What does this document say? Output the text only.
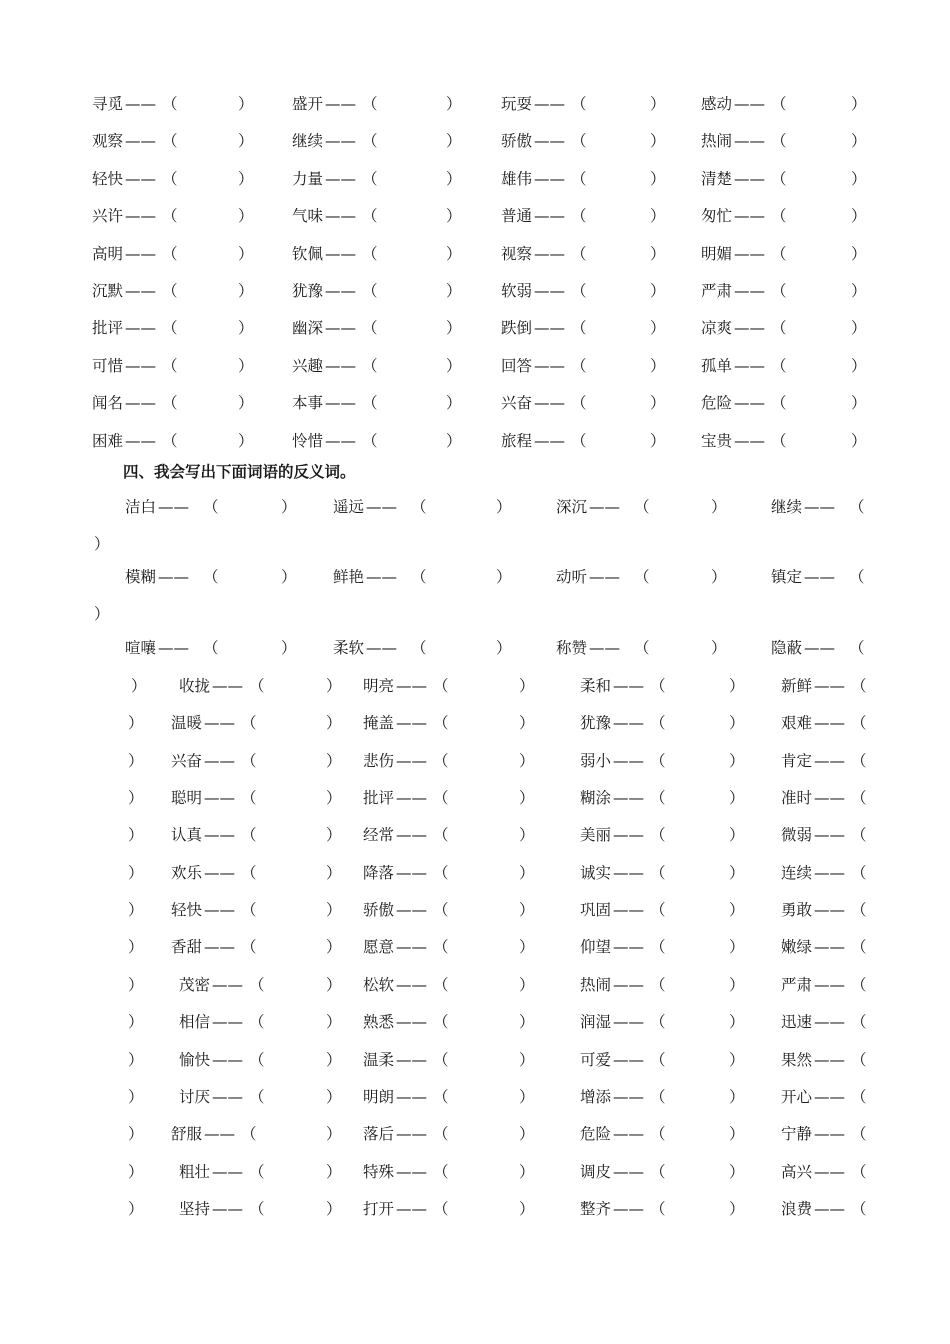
寻觅 —— （	） 盛开 —— （	）	玩耍 —— （	） 感动 —— （	）
观察 —— （	） 继续 —— （	）	骄傲 —— （	） 热闹 —— （	）
轻快 —— （	） 力量 —— （	）	雄伟 —— （	） 清楚 —— （	）
兴许 —— （	） 气味 —— （	）	普通 —— （	） 匆忙 —— （	）
高明 —— （	） 钦佩 —— （	）	视察 —— （	） 明媚 —— （	）
沉默 —— （	） 犹豫 —— （	）	软弱 —— （	） 严肃 —— （	）
批评 —— （	） 幽深 —— （	）	跌倒 —— （	） 凉爽 —— （	）
可惜 —— （	） 兴趣 —— （	）	回答 —— （	） 孤单 —— （	）
闻名 —— （	） 本事 —— （	）	兴奋 —— （	） 危险 —— （	）
困难 —— （	） 怜惜 —— （	）	旅程 —— （	） 宝贵 —— （	）
四、我会写出下面词语的反义词。
洁白 —— （	） 遥远 —— （	）	深沉 —— （	）	继续 —— （
）
模糊 —— （	） 鲜艳 —— （	）	动听 —— （	）	镇定 —— （
）
喧嚷 —— （	） 柔软 —— （	）	称赞 —— （	）	隐蔽 —— （
） 收拢 —— （	） 明亮 —— （	）	柔和 —— （	） 新鲜 —— （
） 温暖 —— （	） 掩盖 —— （	）	犹豫 —— （	） 艰难 —— （
） 兴奋 —— （	） 悲伤 —— （	）	弱小 —— （	） 肯定 —— （
） 聪明 —— （	） 批评 —— （	）	糊涂 —— （	） 准时 —— （
） 认真 —— （	） 经常 —— （	）	美丽 —— （	） 微弱 —— （
） 欢乐 —— （	） 降落 —— （	）	诚实 —— （	） 连续 —— （
） 轻快 —— （	） 骄傲 —— （	）	巩固 —— （	） 勇敢 —— （
） 香甜 —— （	） 愿意 —— （	）	仰望 —— （	） 嫩绿 —— （
） 茂密 —— （	） 松软 —— （	）	热闹 —— （	） 严肃 —— （
） 相信 —— （	） 熟悉 —— （	）	润湿 —— （	） 迅速 —— （
） 愉快 —— （	） 温柔 —— （	）	可爱 —— （	） 果然 —— （
） 讨厌 —— （	） 明朗 —— （	）	增添 —— （	） 开心 —— （
） 舒服 —— （	） 落后 —— （	）	危险 —— （	） 宁静 —— （
） 粗壮 —— （	） 特殊 —— （	）	调皮 —— （	） 高兴 —— （
） 坚持 —— （	） 打开 —— （	）	整齐 —— （	） 浪费 —— （
